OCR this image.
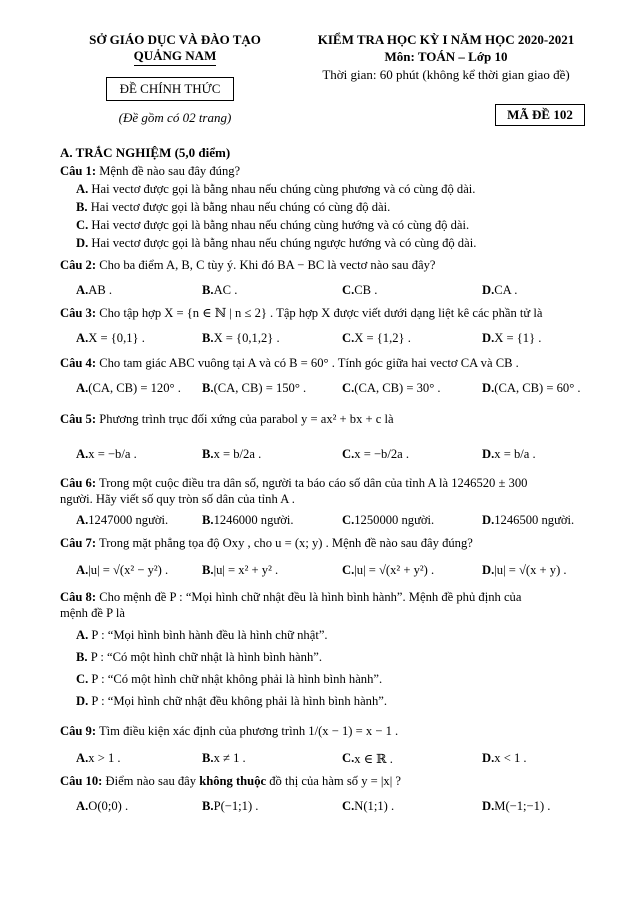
SỞ GIÁO DỤC VÀ ĐÀO TẠO
QUẢNG NAM
ĐỀ CHÍNH THỨC
(Đề gồm có 02 trang)
KIỂM TRA HỌC KỲ I NĂM HỌC 2020-2021
Môn: TOÁN – Lớp 10
Thời gian: 60 phút (không kể thời gian giao đề)
MÃ ĐỀ 102
A. TRẮC NGHIỆM (5,0 điểm)
Câu 1: Mệnh đề nào sau đây đúng?
A. Hai vectơ được gọi là bằng nhau nếu chúng cùng phương và có cùng độ dài.
B. Hai vectơ được gọi là bằng nhau nếu chúng có cùng độ dài.
C. Hai vectơ được gọi là bằng nhau nếu chúng cùng hướng và có cùng độ dài.
D. Hai vectơ được gọi là bằng nhau nếu chúng ngược hướng và có cùng độ dài.
Câu 2: Cho ba điểm A, B, C tùy ý. Khi đó BA − BC là vectơ nào sau đây?
A. AB .	B. AC .	C. CB .	D. CA .
Câu 3: Cho tập hợp X = {n ∈ ℕ | n ≤ 2} . Tập hợp X được viết dưới dạng liệt kê các phần tử là
A. X = {0,1} .	B. X = {0,1,2} .	C. X = {1,2} .	D. X = {1} .
Câu 4: Cho tam giác ABC vuông tại A và có B = 60° . Tính góc giữa hai vectơ CA và CB .
A. (CA, CB) = 120° . B. (CA, CB) = 150° .	C. (CA, CB) = 30° .	D. (CA, CB) = 60° .
Câu 5: Phương trình trục đối xứng của parabol y = ax² + bx + c là
A. x = −b/a .	B. x = b/2a .	C. x = −b/2a .	D. x = b/a .
Câu 6: Trong một cuộc điều tra dân số, người ta báo cáo số dân của tỉnh A là 1246520 ± 300
người. Hãy viết số quy tròn số dân của tỉnh A .
A. 1247000 người.	B. 1246000 người.	C. 1250000 người.	D. 1246500 người.
Câu 7: Trong mặt phẳng tọa độ Oxy , cho u = (x; y) . Mệnh đề nào sau đây đúng?
A. |u| = √(x² − y²) .	B. |u| = x² + y² .	C. |u| = √(x² + y²) .	D. |u| = √(x + y) .
Câu 8: Cho mệnh đề P : “Mọi hình chữ nhật đều là hình bình hành”. Mệnh đề phủ định của
mệnh đề P là
A. P : “Mọi hình bình hành đều là hình chữ nhật”.
B. P : “Có một hình chữ nhật là hình bình hành”.
C. P : “Có một hình chữ nhật không phải là hình bình hành”.
D. P : “Mọi hình chữ nhật đều không phải là hình bình hành”.
Câu 9: Tìm điều kiện xác định của phương trình 1/(x − 1) = x − 1 .
A. x > 1 .	B. x ≠ 1 .	C. x ∈ ℝ .	D. x < 1 .
Câu 10: Điểm nào sau đây không thuộc đồ thị của hàm số y = |x| ?
A. O(0;0) .	B. P(−1;1) .	C. N(1;1) .	D. M(−1;−1) .
